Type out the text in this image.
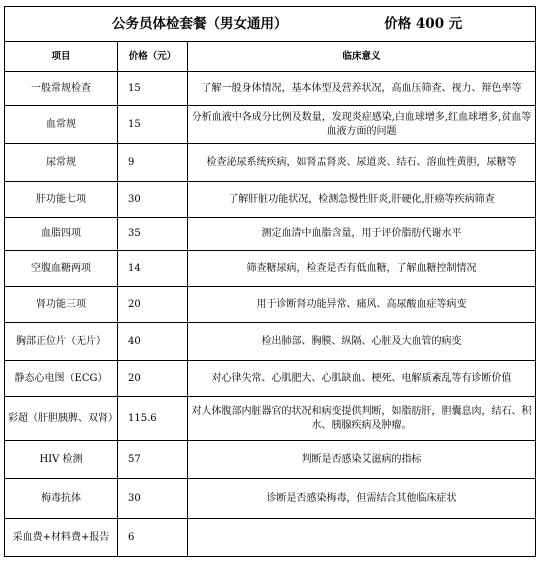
公务员体检套餐（男女通用） 价格 400 元		
项目	价格（元）	临床意义
一般常规检查	15	了解一般身体情况，基本体型及营养状况，高血压筛查、视力、辩色率等
血常规	15	分析血液中各成分比例及数量，发现炎症感染,白血球增多,红血球增多,贫血等血液方面的问题
尿常规	9	检查泌尿系统疾病，如肾盂肾炎、尿道炎、结石、溶血性黄胆，尿糖等
肝功能七项	30	了解肝脏功能状况，检测急慢性肝炎,肝硬化,肝癌等疾病筛查
血脂四项	35	测定血清中血脂含量，用于评价脂肪代谢水平
空腹血糖两项	14	筛查糖尿病，检查是否有低血糖，了解血糖控制情况
肾功能三项	20	用于诊断肾功能异常、痛风、高尿酸血症等病变
胸部正位片（无片）	40	检出肺部、胸膜、纵隔、心脏及大血管的病变
静态心电图（ECG）	20	对心律失常、心肌肥大、心肌缺血、梗死、电解质紊乱等有诊断价值
彩超（肝胆胰脾、双肾）	115.6	对人体腹部内脏器官的状况和病变提供判断，如脂肪肝，胆囊息肉，结石、积水、胰腺疾病及肿瘤。
HIV 检测	57	判断是否感染艾滋病的指标
梅毒抗体	30	诊断是否感染梅毒，但需结合其他临床症状
采血费+材料费+报告	6	
